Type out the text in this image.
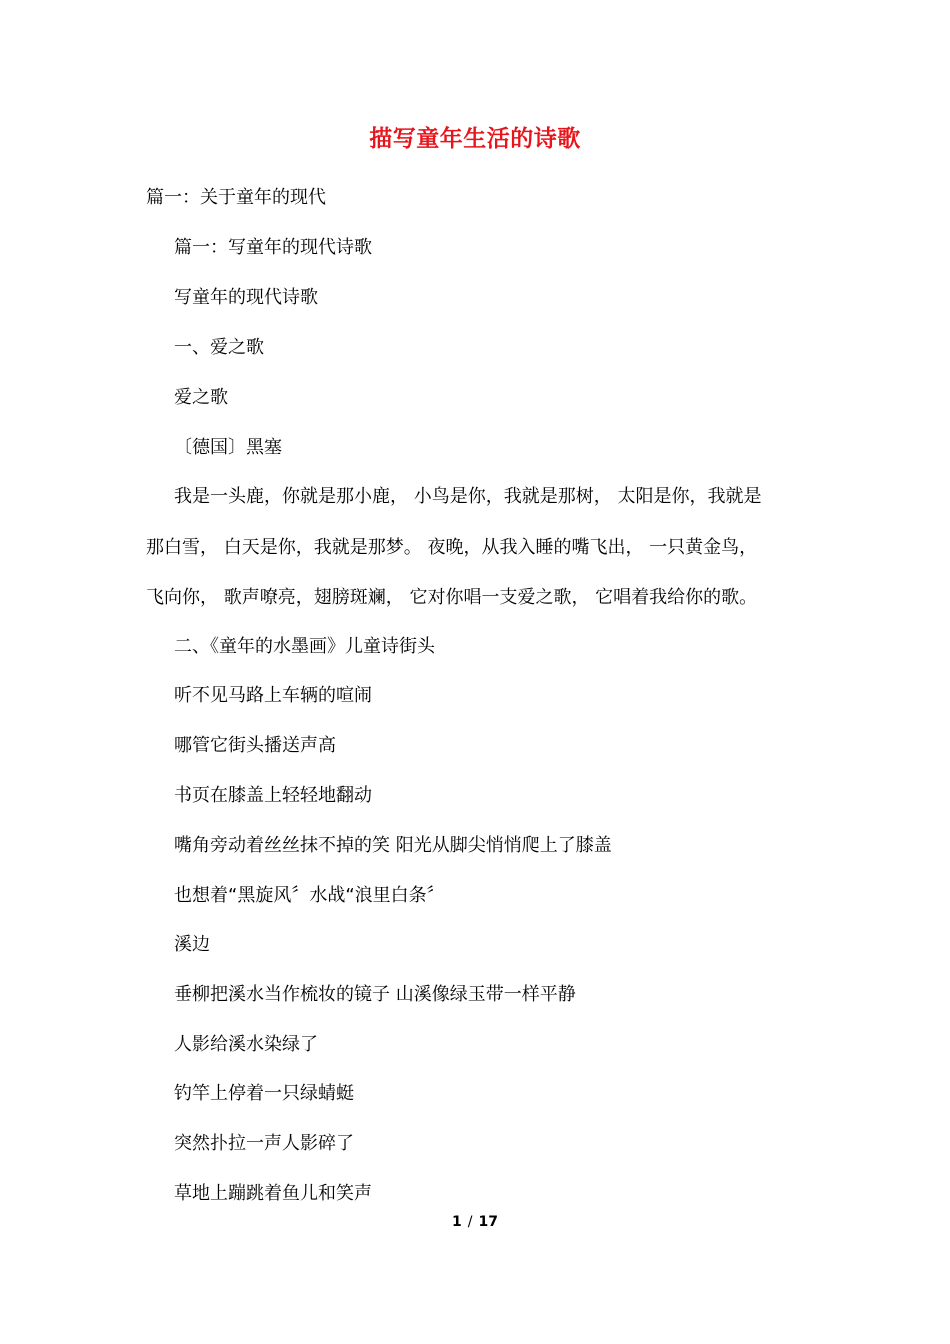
描写童年生活的诗歌
篇一：关于童年的现代
篇一：写童年的现代诗歌
写童年的现代诗歌
一、爱之歌
爱之歌
〔德国〕黑塞
我是一头鹿，你就是那小鹿， 小鸟是你，我就是那树， 太阳是你，我就是
那白雪， 白天是你，我就是那梦。 夜晚，从我入睡的嘴飞出， 一只黄金鸟，
飞向你， 歌声嘹亮，翅膀斑斓， 它对你唱一支爱之歌， 它唱着我给你的歌。
二、《童年的水墨画》儿童诗街头
听不见马路上车辆的喧闹
哪管它街头播送声高
书页在膝盖上轻轻地翻动
嘴角旁动着丝丝抹不掉的笑 阳光从脚尖悄悄爬上了膝盖
也想着“黑旋风〞水战“浪里白条〞
溪边
垂柳把溪水当作梳妆的镜子 山溪像绿玉带一样平静
人影给溪水染绿了
钓竿上停着一只绿蜻蜓
突然扑拉一声人影碎了
草地上蹦跳着鱼儿和笑声
1 / 17
